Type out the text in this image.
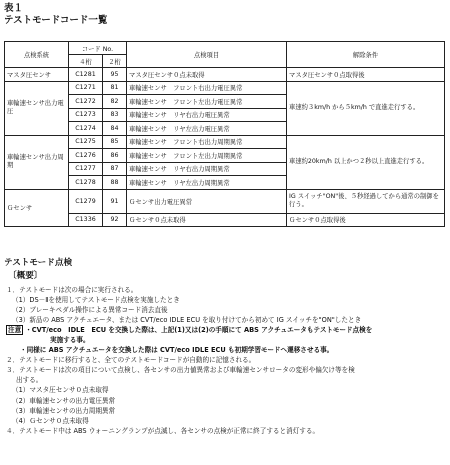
表１
テストモードコード一覧
点検系統	コード No.		点検項目	解除条件
	４桁	２桁		
マスタ圧センサ	C1281	95	マスタ圧センサ０点未取得	マスタ圧センサ０点取得後
車輪速センサ出力電圧	C1271	81	車輪速センサ　フロント右出力電圧異常	車速約３km/h から５km/h で直進走行する。
	C1272	82	車輪速センサ　フロント左出力電圧異常	
	C1273	83	車輪速センサ　リヤ右出力電圧異常	
	C1274	84	車輪速センサ　リヤ左出力電圧異常	
車輪速センサ出力周期	C1275	85	車輪速センサ　フロント右出力周期異常	車速約20km/h 以上かつ２秒以上直進走行する。
	C1276	86	車輪速センサ　フロント左出力周期異常	
	C1277	87	車輪速センサ　リヤ右出力周期異常	
	C1278	88	車輪速センサ　リヤ左出力周期異常	
Ｇセンサ	C1279	91	Ｇセンサ出力電圧異常	IG スイッチ"ON"後、５秒経過してから通常の制御を行う。
	C1336	92	Ｇセンサ０点未取得	Ｇセンサ０点取得後
テストモード点検
〔概要〕
１．テストモードは次の場合に実行される。
（1）DS－Ⅱを使用してテストモード点検を実施したとき
（2）ブレーキペダル操作による異常コード消去直後
（3）新品の ABS アクチュエータ、または CVT/eco IDLE ECU を取り付けてから初めて IG スイッチを"ON"したとき
注意 ・CVT/eco　IDLE　ECU を交換した際は、上記(1)又は(2)の手順にて ABS アクチュエータもテストモード点検を
実施する事。
・同様に ABS アクチュエータを交換した際は CVT/eco IDLE ECU も初期学習モードへ遷移させる事。
２．テストモードに移行すると、全てのテストモードコードが自動的に記憶される。
３．テストモードは次の項目について点検し、各センサの出力値異常および車輪速センサロータの変形や偏欠け等を検
出する。
（1）マスタ圧センサ０点未取得
（2）車輪速センサの出力電圧異常
（3）車輪速センサの出力周期異常
（4）Ｇセンサ０点未取得
４．テストモード中は ABS ウォーニングランプが点滅し、各センサの点検が正常に終了すると消灯する。
